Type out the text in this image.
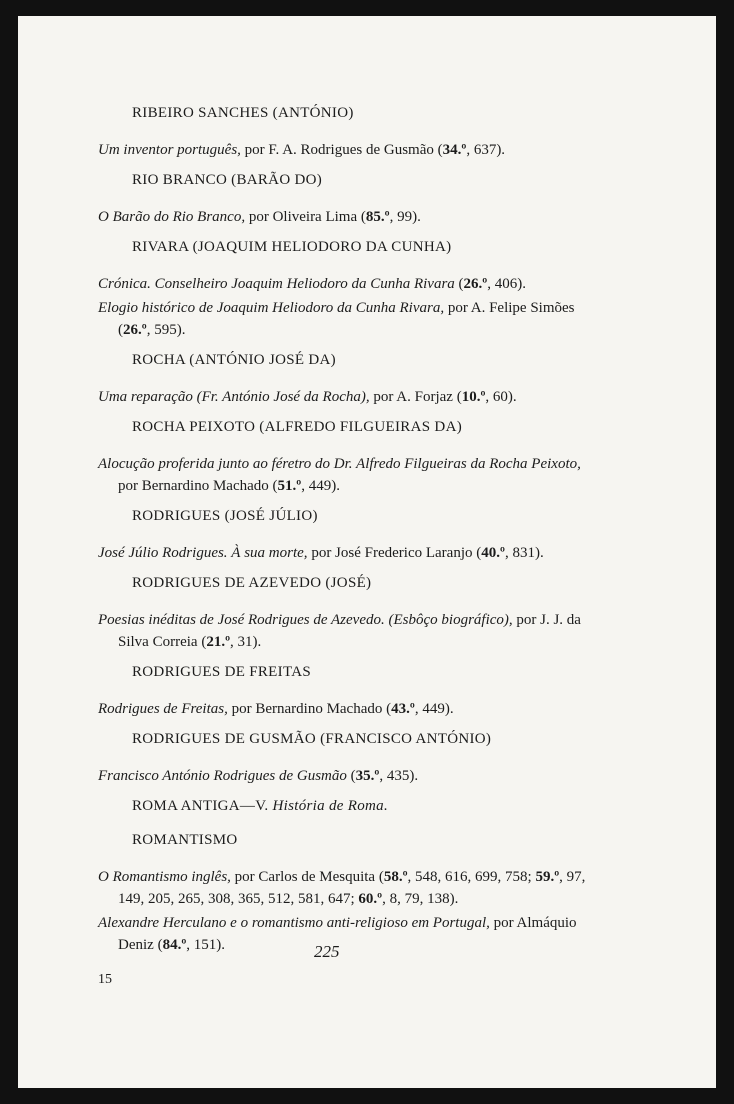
RIBEIRO SANCHES (ANTÓNIO)
Um inventor português, por F. A. Rodrigues de Gusmão (34.º, 637).
RIO BRANCO (BARÃO DO)
O Barão do Rio Branco, por Oliveira Lima (85.º, 99).
RIVARA (JOAQUIM HELIODORO DA CUNHA)
Crónica. Conselheiro Joaquim Heliodoro da Cunha Rivara (26.º, 406).
Elogio histórico de Joaquim Heliodoro da Cunha Rivara, por A. Felipe Simões (26.º, 595).
ROCHA (ANTÓNIO JOSÉ DA)
Uma reparação (Fr. António José da Rocha), por A. Forjaz (10.º, 60).
ROCHA PEIXOTO (ALFREDO FILGUEIRAS DA)
Alocução proferida junto ao féretro do Dr. Alfredo Filgueiras da Rocha Peixoto, por Bernardino Machado (51.º, 449).
RODRIGUES (JOSÉ JÚLIO)
José Júlio Rodrigues. À sua morte, por José Frederico Laranjo (40.º, 831).
RODRIGUES DE AZEVEDO (JOSÉ)
Poesias inéditas de José Rodrigues de Azevedo. (Esbôço biográfico), por J. J. da Silva Correia (21.º, 31).
RODRIGUES DE FREITAS
Rodrigues de Freitas, por Bernardino Machado (43.º, 449).
RODRIGUES DE GUSMÃO (FRANCISCO ANTÓNIO)
Francisco António Rodrigues de Gusmão (35.º, 435).
ROMA ANTIGA—V. História de Roma.
ROMANTISMO
O Romantismo inglês, por Carlos de Mesquita (58.º, 548, 616, 699, 758; 59.º, 97, 149, 205, 265, 308, 365, 512, 581, 647; 60.º, 8, 79, 138).
Alexandre Herculano e o romantismo anti-religioso em Portugal, por Almáquio Deniz (84.º, 151).	225
15
